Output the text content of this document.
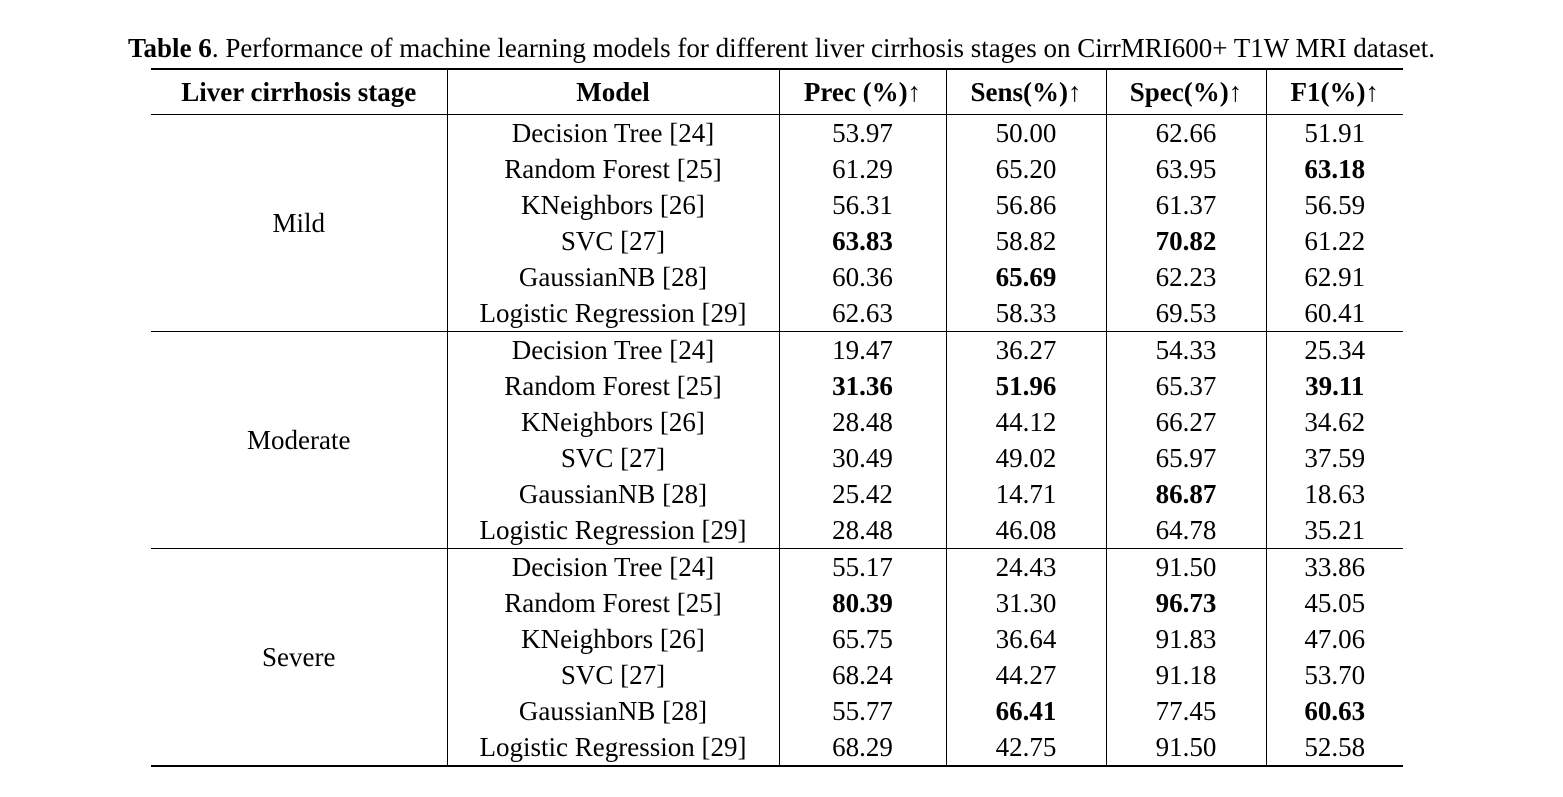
Table 6. Performance of machine learning models for different liver cirrhosis stages on CirrMRI600+ T1W MRI dataset.
Liver cirrhosis stage	Model	Prec (%)↑	Sens(%)↑	Spec(%)↑	F1(%)↑
Mild	Decision Tree [24]	53.97	50.00	62.66	51.91
	Random Forest [25]	61.29	65.20	63.95	63.18
	KNeighbors [26]	56.31	56.86	61.37	56.59
	SVC [27]	63.83	58.82	70.82	61.22
	GaussianNB [28]	60.36	65.69	62.23	62.91
	Logistic Regression [29]	62.63	58.33	69.53	60.41
Moderate	Decision Tree [24]	19.47	36.27	54.33	25.34
	Random Forest [25]	31.36	51.96	65.37	39.11
	KNeighbors [26]	28.48	44.12	66.27	34.62
	SVC [27]	30.49	49.02	65.97	37.59
	GaussianNB [28]	25.42	14.71	86.87	18.63
	Logistic Regression [29]	28.48	46.08	64.78	35.21
Severe	Decision Tree [24]	55.17	24.43	91.50	33.86
	Random Forest [25]	80.39	31.30	96.73	45.05
	KNeighbors [26]	65.75	36.64	91.83	47.06
	SVC [27]	68.24	44.27	91.18	53.70
	GaussianNB [28]	55.77	66.41	77.45	60.63
	Logistic Regression [29]	68.29	42.75	91.50	52.58
